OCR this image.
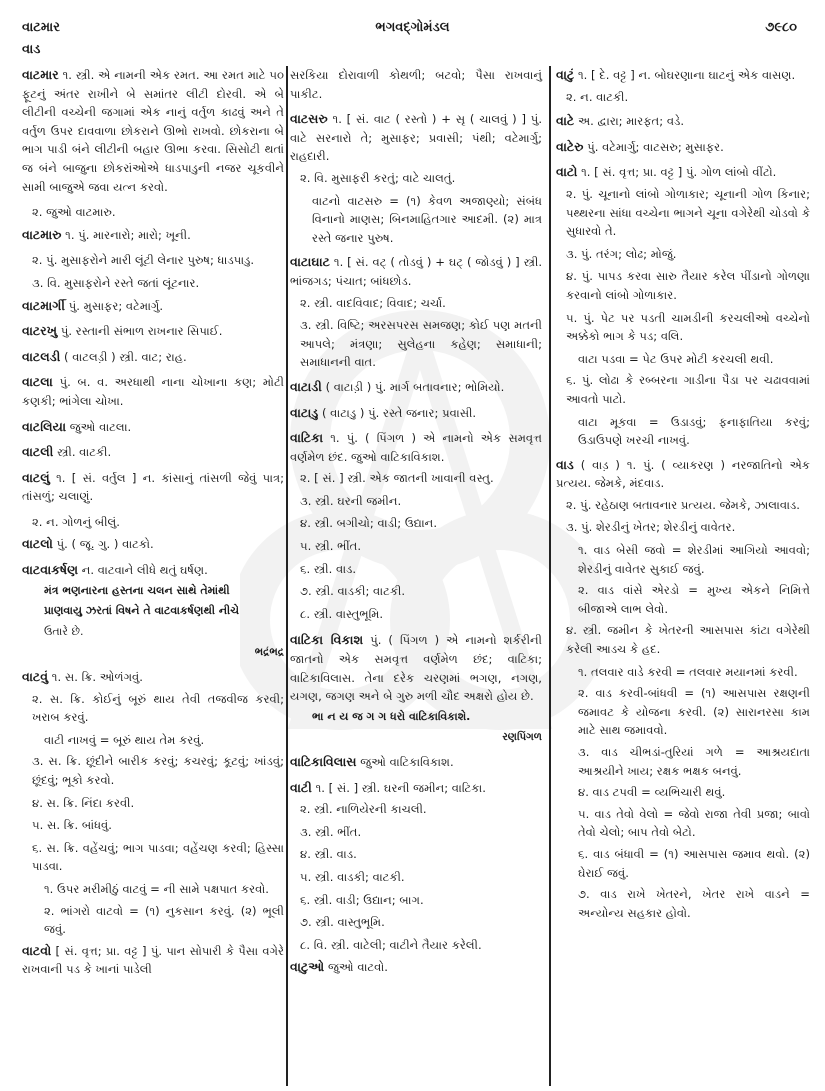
વાટમાર	ભગવદ્ગોમંડલ	૭૯૮૦
વાડ
વાટમાર ૧. સ્ત્રી. એ નામની એક રમત. આ રમત માટે ૫૦ ફૂટનું અંતર રાખીને બે સમાંતર લીટી દોરવી. એ બે લીટીની વચ્ચેની જગામાં એક નાનું વર્તુળ કાઢવું અને તે વર્તુળ ઉપર દાવવાળા છોકરાને ઊભો રાખવો. છોકરાના બે ભાગ પાડી બંને લીટીની બહાર ઊભા કરવા. સિસોટી થતાં જ બંને બાજુના છોકરાંઓએ ધાડપાડુની નજર ચૂકવીને સામી બાજુએ જવા યત્ન કરવો.
૨. જુઓ વાટમારુ.
વાટમારુ ૧. પું. મારનારો; મારો; ખૂની.
૨. પું. મુસાફરોને મારી લૂંટી લેનાર પુરુષ; ધાડપાડુ.
૩. વિ. મુસાફરોને રસ્તે જતાં લૂંટનાર.
વાટમાર્ગી પું. મુસાફર; વટેમાર્ગુ.
વાટરખુ પું. રસ્તાની સંભાળ રાખનાર સિપાઈ.
વાટલડી ( વાટલડ઼ી ) સ્ત્રી. વાટ; રાહ.
વાટલા પું. બ. વ. અરધાથી નાના ચોખાના કણ; મોટી કણકી; ભાંગેલા ચોખા.
વાટલિયા જુઓ વાટલા.
વાટલી સ્ત્રી. વાટકી.
વાટલું ૧. [ સં. વર્તુલ ] ન. કાંસાનું તાંસળી જેવું પાત્ર; તાંસળું; ચલાણું.
૨. ન. ગોળનું બીલું.
વાટલો પું. ( જૂ. ગુ. ) વાટકો.
વાટવાકર્ષણ ન. વાટવાને લીધે થતું ઘર્ષણ.
મંત્ર ભણનારના હસ્તના ચલન સાથે તેમાંથી
પ્રાણવાયુ ઝરતાં વિષને તે વાટવાકર્ષણથી નીચે
ઉતારે છે.
ભદ્રંભદ્ર
વાટવું ૧. સ. ક્રિ. ઓળંગવું.
૨. સ. ક્રિ. કોઈનું બૂરું થાય તેવી તજવીજ કરવી; ખરાબ કરવું.
વાટી નાખવું = બૂરું થાય તેમ કરવું.
૩. સ. ક્રિ. છૂંદીને બારીક કરવું; કચરવું; કૂટવું; ખાંડવું; છૂંદવું; ભૂકો કરવો.
૪. સ. ક્રિ. નિંદા કરવી.
૫. સ. ક્રિ. બાંધવું.
૬. સ. ક્રિ. વહેંચવું; ભાગ પાડવા; વહેંચણ કરવી; હિસ્સા પાડવા.
૧. ઉપર મરીમીઠું વાટવું = ની સામે પક્ષપાત કરવો.
૨. ભાંગરો વાટવો = (૧) નુકસાન કરવું. (૨) ભૂલી જવું.
વાટવો [ સં. વૃત્ત; પ્રા. વટ્ટ ] પું. પાન સોપારી કે પૈસા વગેરે રાખવાની પડ કે ખાનાં પાડેલી
સરકિયા દોરાવાળી કોથળી; બટવો; પૈસા રાખવાનું પાકીટ.
વાટસરુ ૧. [ સં. વાટ ( રસ્તો ) + સૃ ( ચાલવું ) ] પું. વાટે સરનારો તે; મુસાફર; પ્રવાસી; પંથી; વટેમાર્ગુ; રાહદારી.
૨. વિ. મુસાફરી કરતું; વાટે ચાલતું.
વાટનો વાટસરુ = (૧) કેવળ અજાણ્યો; સંબંધ વિનાનો માણસ; બિનમાહિતગાર આદમી. (૨) માત્ર રસ્તે જનાર પુરુષ.
વાટાઘાટ ૧. [ સં. વટ્ ( તોડવું ) + ઘટ્ ( જોડવું ) ] સ્ત્રી. ભાંજગડ; પંચાત; બાંધછોડ.
૨. સ્ત્રી. વાદવિવાદ; વિવાદ; ચર્ચા.
૩. સ્ત્રી. વિષ્ટિ; અરસપરસ સમજણ; કોઈ પણ મતની આપલે; મંત્રણા; સુલેહના કહેણ; સમાધાની; સમાધાનની વાત.
વાટાડી ( વાટાડ઼ી ) પું. માર્ગ બતાવનાર; ભોમિયો.
વાટાડુ ( વાટાડ઼ુ ) પું. રસ્તે જનાર; પ્રવાસી.
વાટિકા ૧. પું. ( પિંગળ ) એ નામનો એક સમવૃત્ત વર્ણમેળ છંદ. જુઓ વાટિકાવિકાશ.
૨. [ સં. ] સ્ત્રી. એક જાતની ખાવાની વસ્તુ.
૩. સ્ત્રી. ઘરની જમીન.
૪. સ્ત્રી. બગીચો; વાડી; ઉદ્યાન.
૫. સ્ત્રી. ભીંત.
૬. સ્ત્રી. વાડ.
૭. સ્ત્રી. વાડકી; વાટકી.
૮. સ્ત્રી. વાસ્તુભૂમિ.
વાટિકા વિકાશ પું. ( પિંગળ ) એ નામનો શર્કરીની જાતનો એક સમવૃત્ત વર્ણમેળ છંદ; વાટિકા; વાટિકાવિલાસ. તેના દરેક ચરણમાં ભગણ, નગણ, યગણ, જગણ અને બે ગુરુ મળી ચૌદ અક્ષરો હોય છે.
ભા ન ય જ ગ ગ ધરો વાટિકાવિકાશે.
રણપિંગળ
વાટિકાવિલાસ જુઓ વાટિકાવિકાશ.
વાટી ૧. [ સં. ] સ્ત્રી. ઘરની જમીન; વાટિકા.
૨. સ્ત્રી. નાળિયેરની કાચલી.
૩. સ્ત્રી. ભીંત.
૪. સ્ત્રી. વાડ.
૫. સ્ત્રી. વાડકી; વાટકી.
૬. સ્ત્રી. વાડી; ઉદ્યાન; બાગ.
૭. સ્ત્રી. વાસ્તુભૂમિ.
૮. વિ. સ્ત્રી. વાટેલી; વાટીને તૈયાર કરેલી.
વાટુઓ જુઓ વાટવો.
વાટું ૧. [ દે. વટ્ટ ] ન. બોઘરણાના ઘાટનું એક વાસણ.
૨. ન. વાટકી.
વાટે અ. દ્વારા; મારફત; વડે.
વાટેરુ પું. વટેમાર્ગુ; વાટસરુ; મુસાફર.
વાટો ૧. [ સં. વૃત્ત; પ્રા. વટ્ટ ] પું. ગોળ લાંબો વીંટો.
૨. પું. ચૂનાનો લાંબો ગોળાકાર; ચૂનાની ગોળ કિનાર; પથ્થરના સાંધા વચ્ચેના ભાગને ચૂના વગેરેથી ચોડવો કે સુધારવો તે.
૩. પું. તરંગ; લોઢ; મોજું.
૪. પું. પાપડ કરવા સારુ તૈયાર કરેલ પીંડાનો ગોળણા કરવાનો લાંબો ગોળાકાર.
૫. પું. પેટ પર પડતી ચામડીની કરચલીઓ વચ્ચેનો અક્કેકો ભાગ કે પડ; વલિ.
વાટા પડવા = પેટ ઉપર મોટી કરચલી થવી.
૬. પું. લોઢા કે રબ્બરના ગાડીના પૈડા પર ચઢાવવામાં આવતો પાટો.
વાટા મૂકવા = ઉડાડવું; ફનાફાતિયા કરવું; ઉડાઉપણે ખરચી નાખવું.
વાડ ( વાડ઼ ) ૧. પું. ( વ્યાકરણ ) નરજાતિનો એક પ્રત્યય. જેમકે, મંદવાડ.
૨. પું. રહેઠાણ બતાવનાર પ્રત્યય. જેમકે, ઝાલાવાડ.
૩. પું. શેરડીનું ખેતર; શેરડીનું વાવેતર.
૧. વાડ બેસી જવો = શેરડીમાં આગિયો આવવો; શેરડીનું વાવેતર સુકાઈ જવું.
૨. વાડ વાંસે એરડો = મુખ્ય એકને નિમિત્તે બીજાએ લાભ લેવો.
૪. સ્ત્રી. જમીન કે ખેતરની આસપાસ કાંટા વગેરેથી કરેલી આડચ કે હદ.
૧. તલવાર વાડે કરવી = તલવાર મયાનમાં કરવી.
૨. વાડ કરવી-બાંધવી = (૧) આસપાસ રક્ષણની જમાવટ કે યોજના કરવી. (૨) સારાનરસા કામ માટે સાથ જમાવવો.
૩. વાડ ચીભડાં-તુરિયાં ગળે = આશ્રયદાતા આશ્રયીને ખાય; રક્ષક ભક્ષક બનવું.
૪. વાડ ટપવી = વ્યભિચારી થવું.
૫. વાડ તેવો વેલો = જેવો રાજા તેવી પ્રજા; બાવો તેવો ચેલો; બાપ તેવો બેટો.
૬. વાડ બંધાવી = (૧) આસપાસ જમાવ થવો. (૨) ઘેરાઈ જવું.
૭. વાડ રાખે ખેતરને, ખેતર રાખે વાડને = અન્યોન્ય સહકાર હોવો.
